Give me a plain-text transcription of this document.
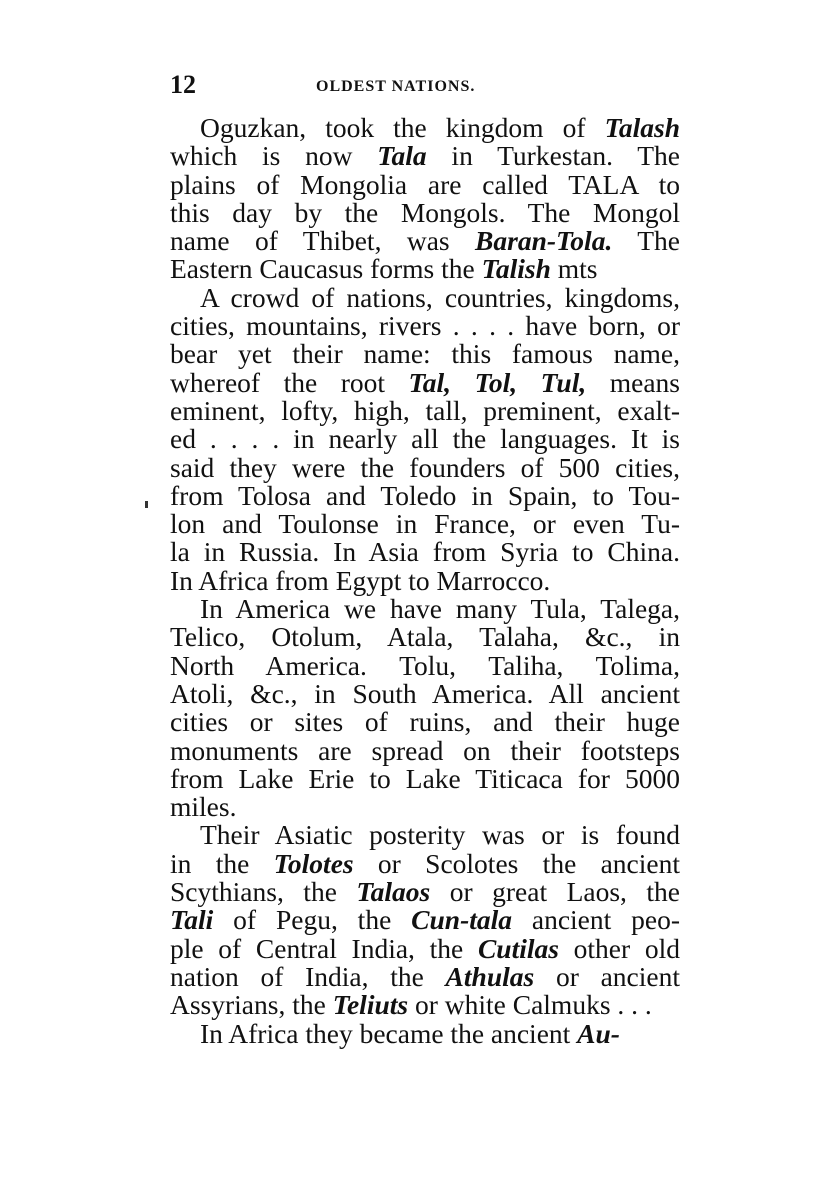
12	OLDEST NATIONS.
Oguzkan, took the kingdom of Talash
which is now Tala in Turkestan. The
plains of Mongolia are called TALA to
this day by the Mongols. The Mongol
name of Thibet, was Baran-Tola. The
Eastern Caucasus forms the Talish mts
A crowd of nations, countries, kingdoms,
cities, mountains, rivers . . . . have born, or
bear yet their name: this famous name,
whereof the root Tal, Tol, Tul, means
eminent, lofty, high, tall, preminent, exalt-
ed . . . . in nearly all the languages. It is
said they were the founders of 500 cities,
from Tolosa and Toledo in Spain, to Tou-
lon and Toulonse in France, or even Tu-
la in Russia. In Asia from Syria to China.
In Africa from Egypt to Marrocco.
In America we have many Tula, Talega,
Telico, Otolum, Atala, Talaha, &c., in
North America. Tolu, Taliha, Tolima,
Atoli, &c., in South America. All ancient
cities or sites of ruins, and their huge
monuments are spread on their footsteps
from Lake Erie to Lake Titicaca for 5000
miles.
Their Asiatic posterity was or is found
in the Tolotes or Scolotes the ancient
Scythians, the Talaos or great Laos, the
Tali of Pegu, the Cun-tala ancient peo-
ple of Central India, the Cutilas other old
nation of India, the Athulas or ancient
Assyrians, the Teliuts or white Calmuks . . .
In Africa they became the ancient Au-
